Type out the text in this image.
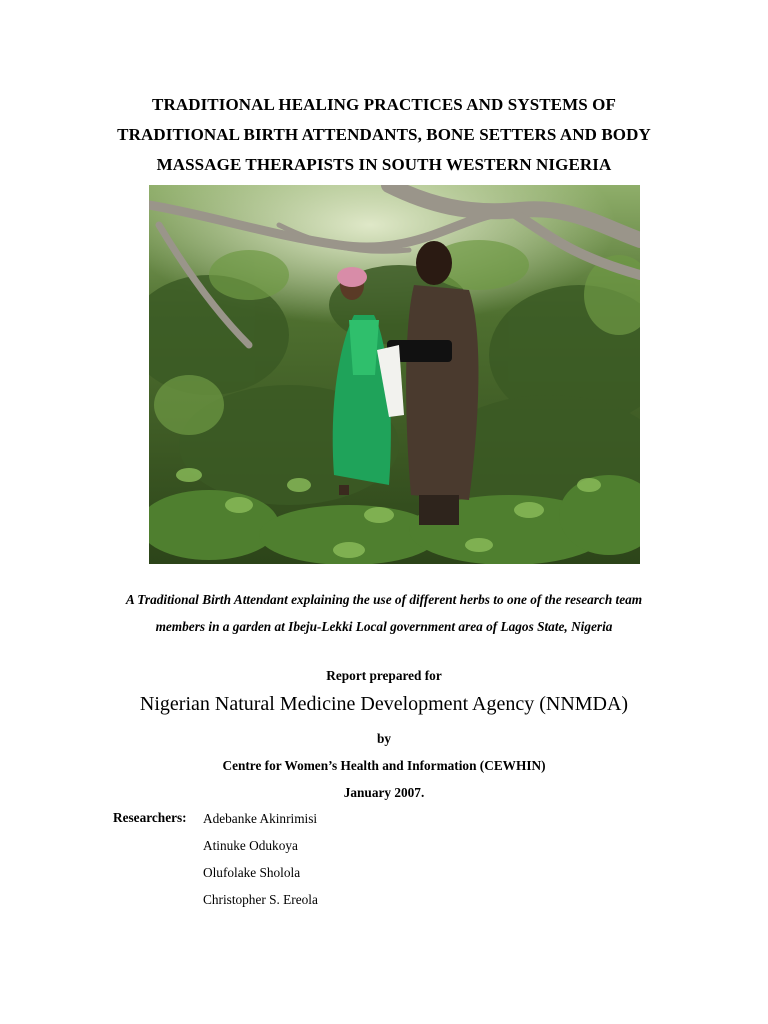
TRADITIONAL HEALING PRACTICES AND SYSTEMS OF
TRADITIONAL BIRTH ATTENDANTS, BONE SETTERS AND BODY
MASSAGE THERAPISTS IN SOUTH WESTERN NIGERIA
A Traditional Birth Attendant explaining the use of different herbs to one of the research team
members in a garden at Ibeju-Lekki Local government area of Lagos State, Nigeria
Report prepared for
Nigerian Natural Medicine Development Agency (NNMDA)
by
Centre for Women’s Health and Information (CEWHIN)
January 2007.
Researchers: Adebanke Akinrimisi
Atinuke Odukoya
Olufolake Sholola
Christopher S. Ereola
